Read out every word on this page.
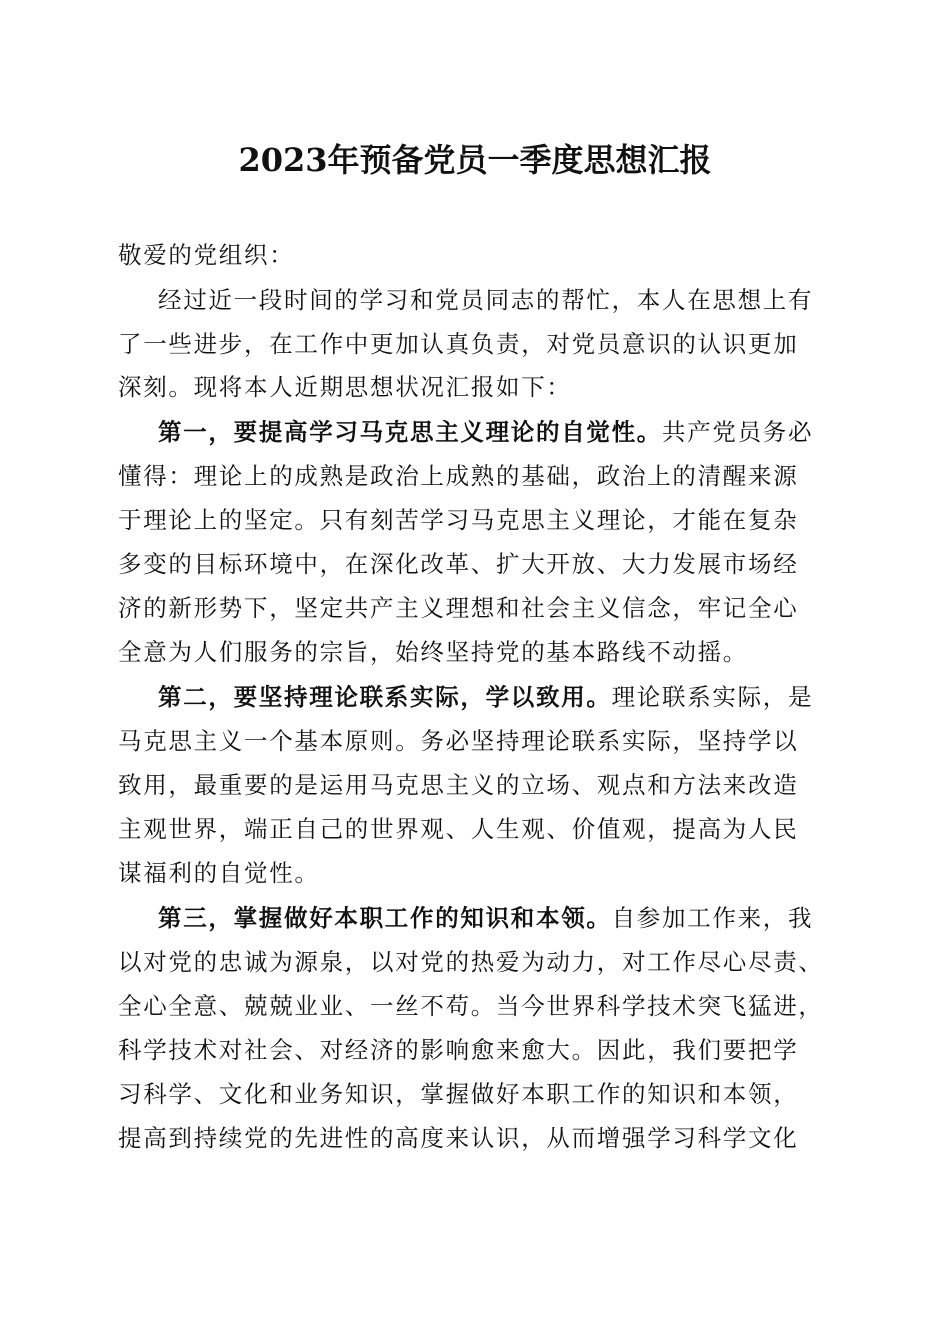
2023年预备党员一季度思想汇报
敬爱的党组织：
经过近一段时间的学习和党员同志的帮忙，本人在思想上有
了一些进步，在工作中更加认真负责，对党员意识的认识更加
深刻。现将本人近期思想状况汇报如下：
第一，要提高学习马克思主义理论的自觉性。共产党员务必
懂得：理论上的成熟是政治上成熟的基础，政治上的清醒来源
于理论上的坚定。只有刻苦学习马克思主义理论，才能在复杂
多变的目标环境中，在深化改革、扩大开放、大力发展市场经
济的新形势下，坚定共产主义理想和社会主义信念，牢记全心
全意为人们服务的宗旨，始终坚持党的基本路线不动摇。
第二，要坚持理论联系实际，学以致用。理论联系实际，是
马克思主义一个基本原则。务必坚持理论联系实际，坚持学以
致用，最重要的是运用马克思主义的立场、观点和方法来改造
主观世界，端正自己的世界观、人生观、价值观，提高为人民
谋福利的自觉性。
第三，掌握做好本职工作的知识和本领。自参加工作来，我
以对党的忠诚为源泉，以对党的热爱为动力，对工作尽心尽责、
全心全意、兢兢业业、一丝不苟。当今世界科学技术突飞猛进，
科学技术对社会、对经济的影响愈来愈大。因此，我们要把学
习科学、文化和业务知识，掌握做好本职工作的知识和本领，
提高到持续党的先进性的高度来认识，从而增强学习科学文化
